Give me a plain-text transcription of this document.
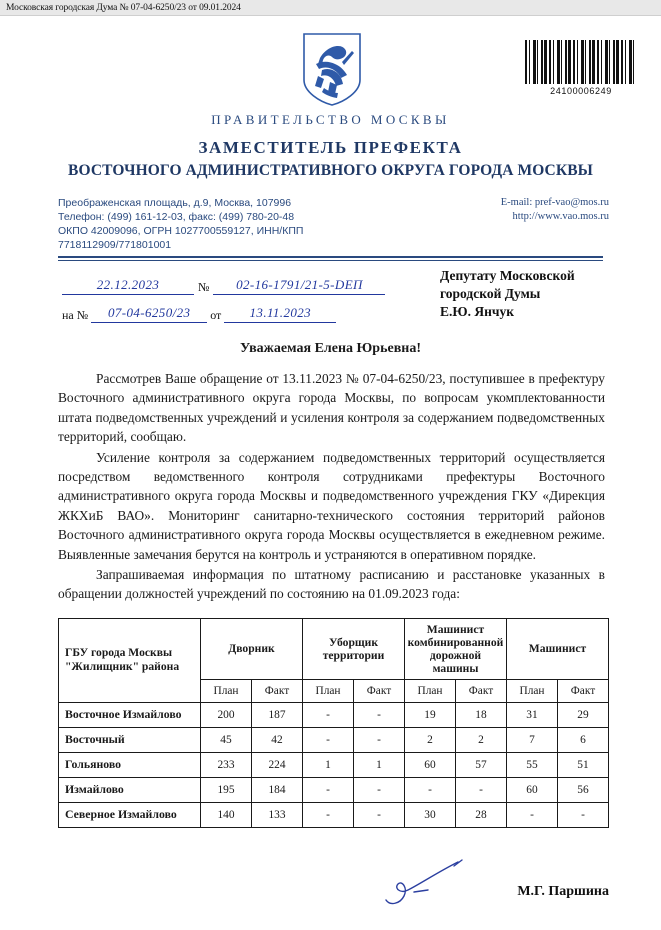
Московская городская Дума № 07-04-6250/23 от 09.01.2024
24100006249
ПРАВИТЕЛЬСТВО МОСКВЫ
ЗАМЕСТИТЕЛЬ ПРЕФЕКТА
ВОСТОЧНОГО АДМИНИСТРАТИВНОГО ОКРУГА ГОРОДА МОСКВЫ
Преображенская площадь, д.9, Москва, 107996
Телефон: (499) 161-12-03, факс: (499) 780-20-48
ОКПО 42009096, ОГРН 1027700559127, ИНН/КПП 7718112909/771801001
E-mail: pref-vao@mos.ru
http://www.vao.mos.ru
22.12.2023	№	02-16-1791/21-5-DEП
на №	07-04-6250/23	от	13.11.2023
Депутату Московской
городской Думы
Е.Ю. Янчук
Уважаемая Елена Юрьевна!

Рассмотрев Ваше обращение от 13.11.2023 № 07-04-6250/23, поступившее в префектуру Восточного административного округа города Москвы, по вопросам укомплектованности штата подведомственных учреждений и усиления контроля за содержанием подведомственных территорий, сообщаю.

Усиление контроля за содержанием подведомственных территорий осуществляется посредством ведомственного контроля сотрудниками префектуры Восточного административного округа города Москвы и подведомственного учреждения ГКУ «Дирекция ЖКХиБ ВАО». Мониторинг санитарно-технического состояния территорий районов Восточного административного округа города Москвы осуществляется в ежедневном режиме. Выявленные замечания берутся на контроль и устраняются в оперативном порядке.

Запрашиваемая информация по штатному расписанию и расстановке указанных в обращении должностей учреждений по состоянию на 01.09.2023 года:

ГБУ города Москвы "Жилищник" района	Дворник		Уборщик территории		Машинист комбинированной дорожной машины		Машинист	
	План	Факт	План	Факт	План	Факт	План	Факт
Восточное Измайлово	200	187	-	-	19	18	31	29
Восточный	45	42	-	-	2	2	7	6
Гольяново	233	224	1	1	60	57	55	51
Измайлово	195	184	-	-	-	-	60	56
Северное Измайлово	140	133	-	-	30	28	-	-
М.Г. Паршина
